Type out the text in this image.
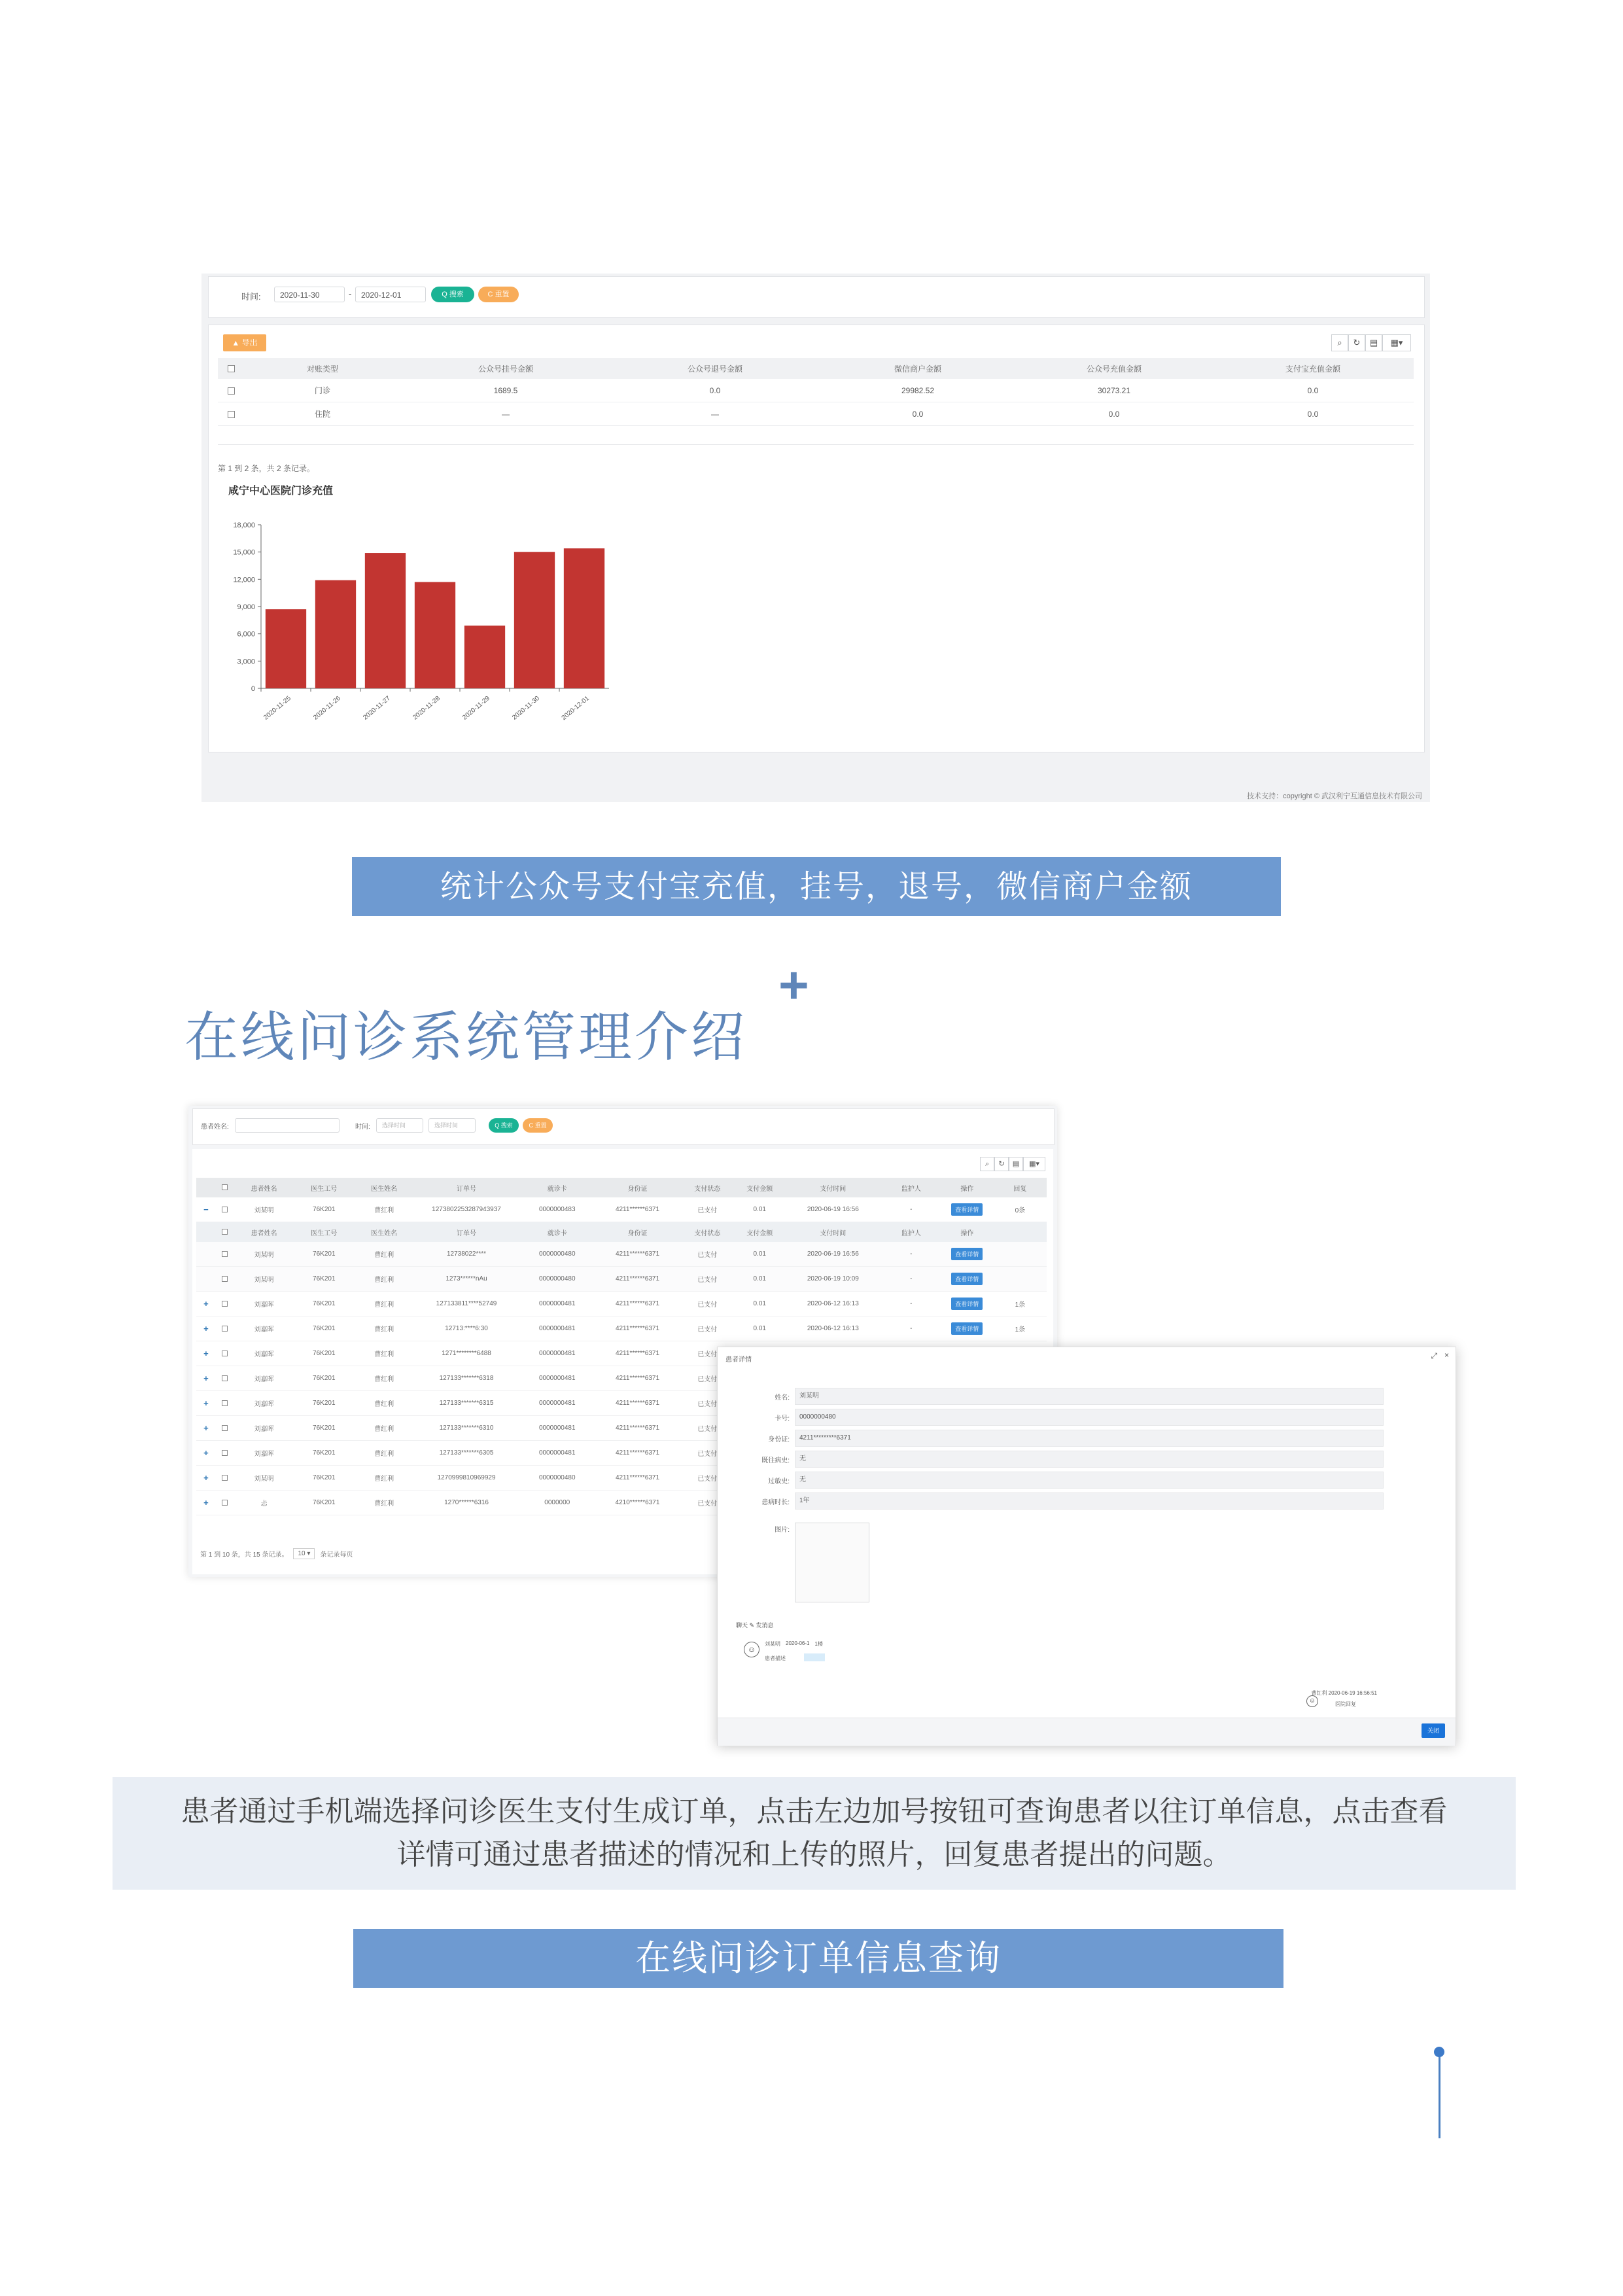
时间:	2020-11-30	-	2020-12-01	Q 搜索	C 重置
▲ 导出	⌕	↻	▤	▦▾
	对账类型	公众号挂号金额	公众号退号金额	微信商户金额	公众号充值金额	支付宝充值金额
	门诊	1689.5	0.0	29982.52	30273.21	0.0
	住院	—	—	0.0	0.0	0.0
第 1 到 2 条，共 2 条记录。
咸宁中心医院门诊充值
0
3,000
6,000
9,000
12,000
15,000
18,000
2020-11-25	2020-11-26	2020-11-27	2020-11-28	2020-11-29	2020-11-30	2020-12-01
技术支持：copyright © 武汉利宁互通信息技术有限公司
统计公众号支付宝充值，挂号，退号，微信商户金额
在线问诊系统管理介绍
+
患者姓名:	时间:	选择时间	选择时间	Q 搜索	C 重置
⌕	↻	▤	▦▾
		患者姓名	医生工号	医生姓名	订单号	就诊卡	身份证	支付状态	支付金额	支付时间	监护人	操作	回复
−		刘某明	76K201	曹红利	1273802253287943937	0000000483	4211******6371	已支付	0.01	2020-06-19 16:56	-	查看详情	0条
		患者姓名	医生工号	医生姓名	订单号	就诊卡	身份证	支付状态	支付金额	支付时间	监护人	操作	
		刘某明	76K201	曹红利	12738022****	0000000480	4211******6371	已支付	0.01	2020-06-19 16:56	-	查看详情	
		刘某明	76K201	曹红利	1273******nAu	0000000480	4211******6371	已支付	0.01	2020-06-19 10:09	-	查看详情	
+		刘嘉晖	76K201	曹红利	127133811****52749	0000000481	4211******6371	已支付	0.01	2020-06-12 16:13	-	查看详情	1条
+		刘嘉晖	76K201	曹红利	12713:****6:30	0000000481	4211******6371	已支付	0.01	2020-06-12 16:13	-	查看详情	1条
+		刘嘉晖	76K201	曹红利	1271********6488	0000000481	4211******6371	已支付					
+		刘嘉晖	76K201	曹红利	127133*******6318	0000000481	4211******6371	已支付					
+		刘嘉晖	76K201	曹红利	127133*******6315	0000000481	4211******6371	已支付					
+		刘嘉晖	76K201	曹红利	127133*******6310	0000000481	4211******6371	已支付					
+		刘嘉晖	76K201	曹红利	127133*******6305	0000000481	4211******6371	已支付					
+		刘某明	76K201	曹红利	1270999810969929	0000000480	4211******6371	已支付					
+		忐	76K201	曹红利	1270******6316	0000000	4210******6371	已支付					
第 1 到 10 条，共 15 条记录。	10 ▾	条记录每页
患者详情	⤢ ×
姓名:	刘某明
卡号:	0000000480
身份证:	4211*********6371
既往病史:	无
过敏史:	无
患病时长:	1年
图片:
聊天 ✎ 发消息
☺
刘某明 2020-06-1 1楼
患者描述
曹红利 2020-06-19 16:56:51
医院回复
☺
关闭
患者通过手机端选择问诊医生支付生成订单，点击左边加号按钮可查询患者以往订单信息，点击查看
详情可通过患者描述的情况和上传的照片，回复患者提出的问题。
在线问诊订单信息查询
